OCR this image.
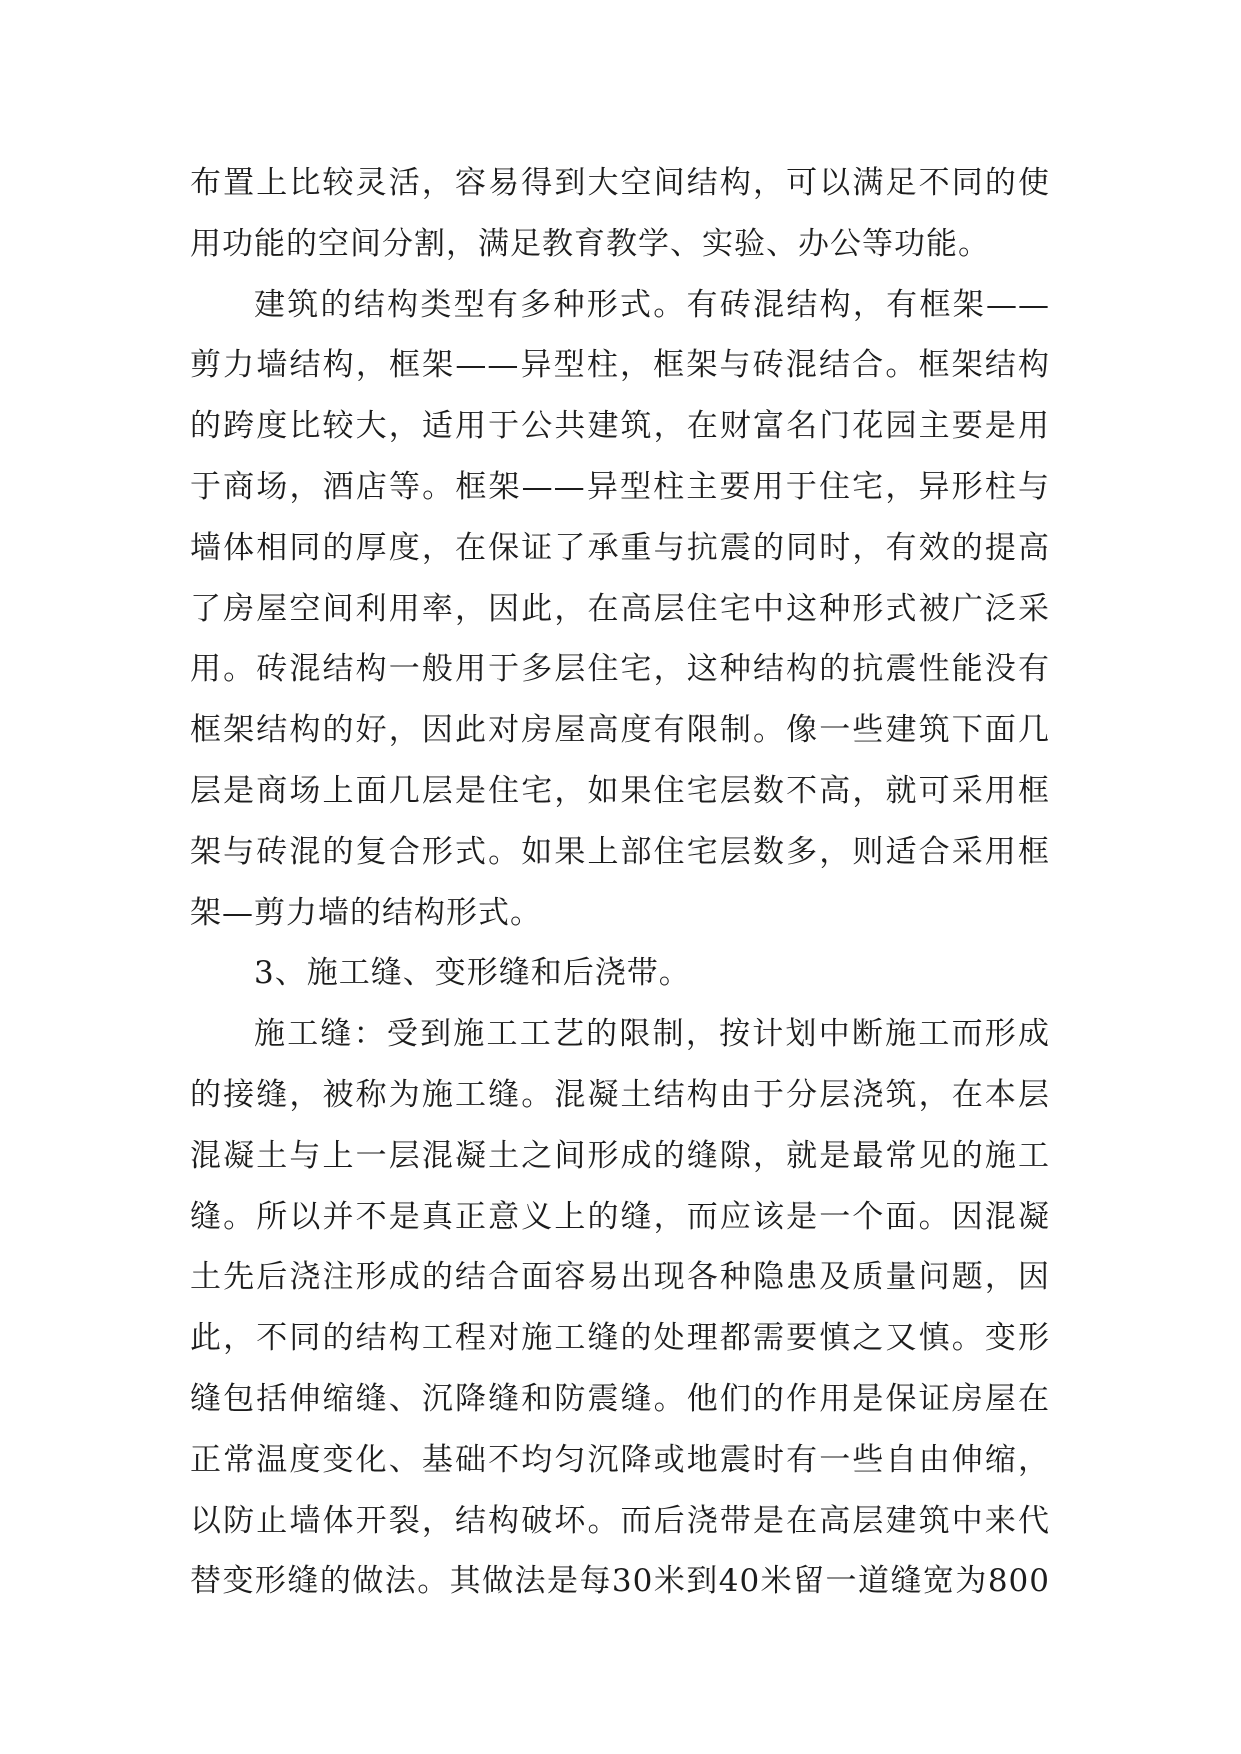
布置上比较灵活，容易得到大空间结构，可以满足不同的使
用功能的空间分割，满足教育教学、实验、办公等功能。
建筑的结构类型有多种形式。有砖混结构，有框架——
剪力墙结构，框架——异型柱，框架与砖混结合。框架结构
的跨度比较大，适用于公共建筑，在财富名门花园主要是用
于商场，酒店等。框架——异型柱主要用于住宅，异形柱与
墙体相同的厚度，在保证了承重与抗震的同时，有效的提高
了房屋空间利用率，因此，在高层住宅中这种形式被广泛采
用。砖混结构一般用于多层住宅，这种结构的抗震性能没有
框架结构的好，因此对房屋高度有限制。像一些建筑下面几
层是商场上面几层是住宅，如果住宅层数不高，就可采用框
架与砖混的复合形式。如果上部住宅层数多，则适合采用框
架—剪力墙的结构形式。
3、施工缝、变形缝和后浇带。
施工缝：受到施工工艺的限制，按计划中断施工而形成
的接缝，被称为施工缝。混凝土结构由于分层浇筑，在本层
混凝土与上一层混凝土之间形成的缝隙，就是最常见的施工
缝。所以并不是真正意义上的缝，而应该是一个面。因混凝
土先后浇注形成的结合面容易出现各种隐患及质量问题，因
此，不同的结构工程对施工缝的处理都需要慎之又慎。变形
缝包括伸缩缝、沉降缝和防震缝。他们的作用是保证房屋在
正常温度变化、基础不均匀沉降或地震时有一些自由伸缩，
以防止墙体开裂，结构破坏。而后浇带是在高层建筑中来代
替变形缝的做法。其做法是每30米到40米留一道缝宽为800
